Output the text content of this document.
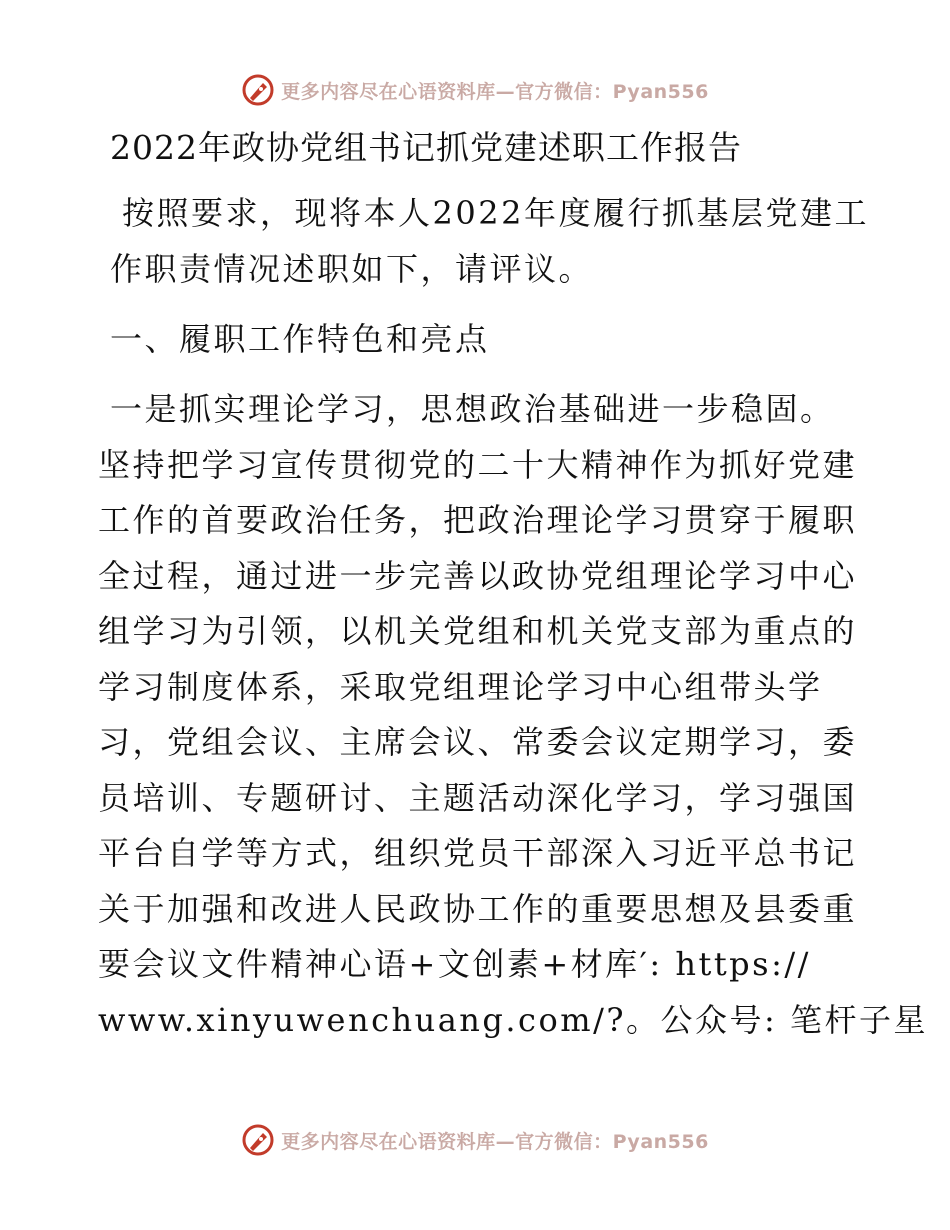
更多内容尽在心语资料库—官方微信：Pyan556
2022年政协党组书记抓党建述职工作报告
按照要求，现将本人2022年度履行抓基层党建工
作职责情况述职如下，请评议。
一、履职工作特色和亮点
一是抓实理论学习，思想政治基础进一步稳固。
坚持把学习宣传贯彻党的二十大精神作为抓好党建
工作的首要政治任务，把政治理论学习贯穿于履职
全过程，通过进一步完善以政协党组理论学习中心
组学习为引领，以机关党组和机关党支部为重点的
学习制度体系，采取党组理论学习中心组带头学
习，党组会议、主席会议、常委会议定期学习，委
员培训、专题研讨、主题活动深化学习，学习强国
平台自学等方式，组织党员干部深入习近平总书记
关于加强和改进人民政协工作的重要思想及县委重
要会议文件精神心语+文创素+材库′: https://
www.xinyuwenchuang.com/?。公众号: 笔杆子星
更多内容尽在心语资料库—官方微信：Pyan556
